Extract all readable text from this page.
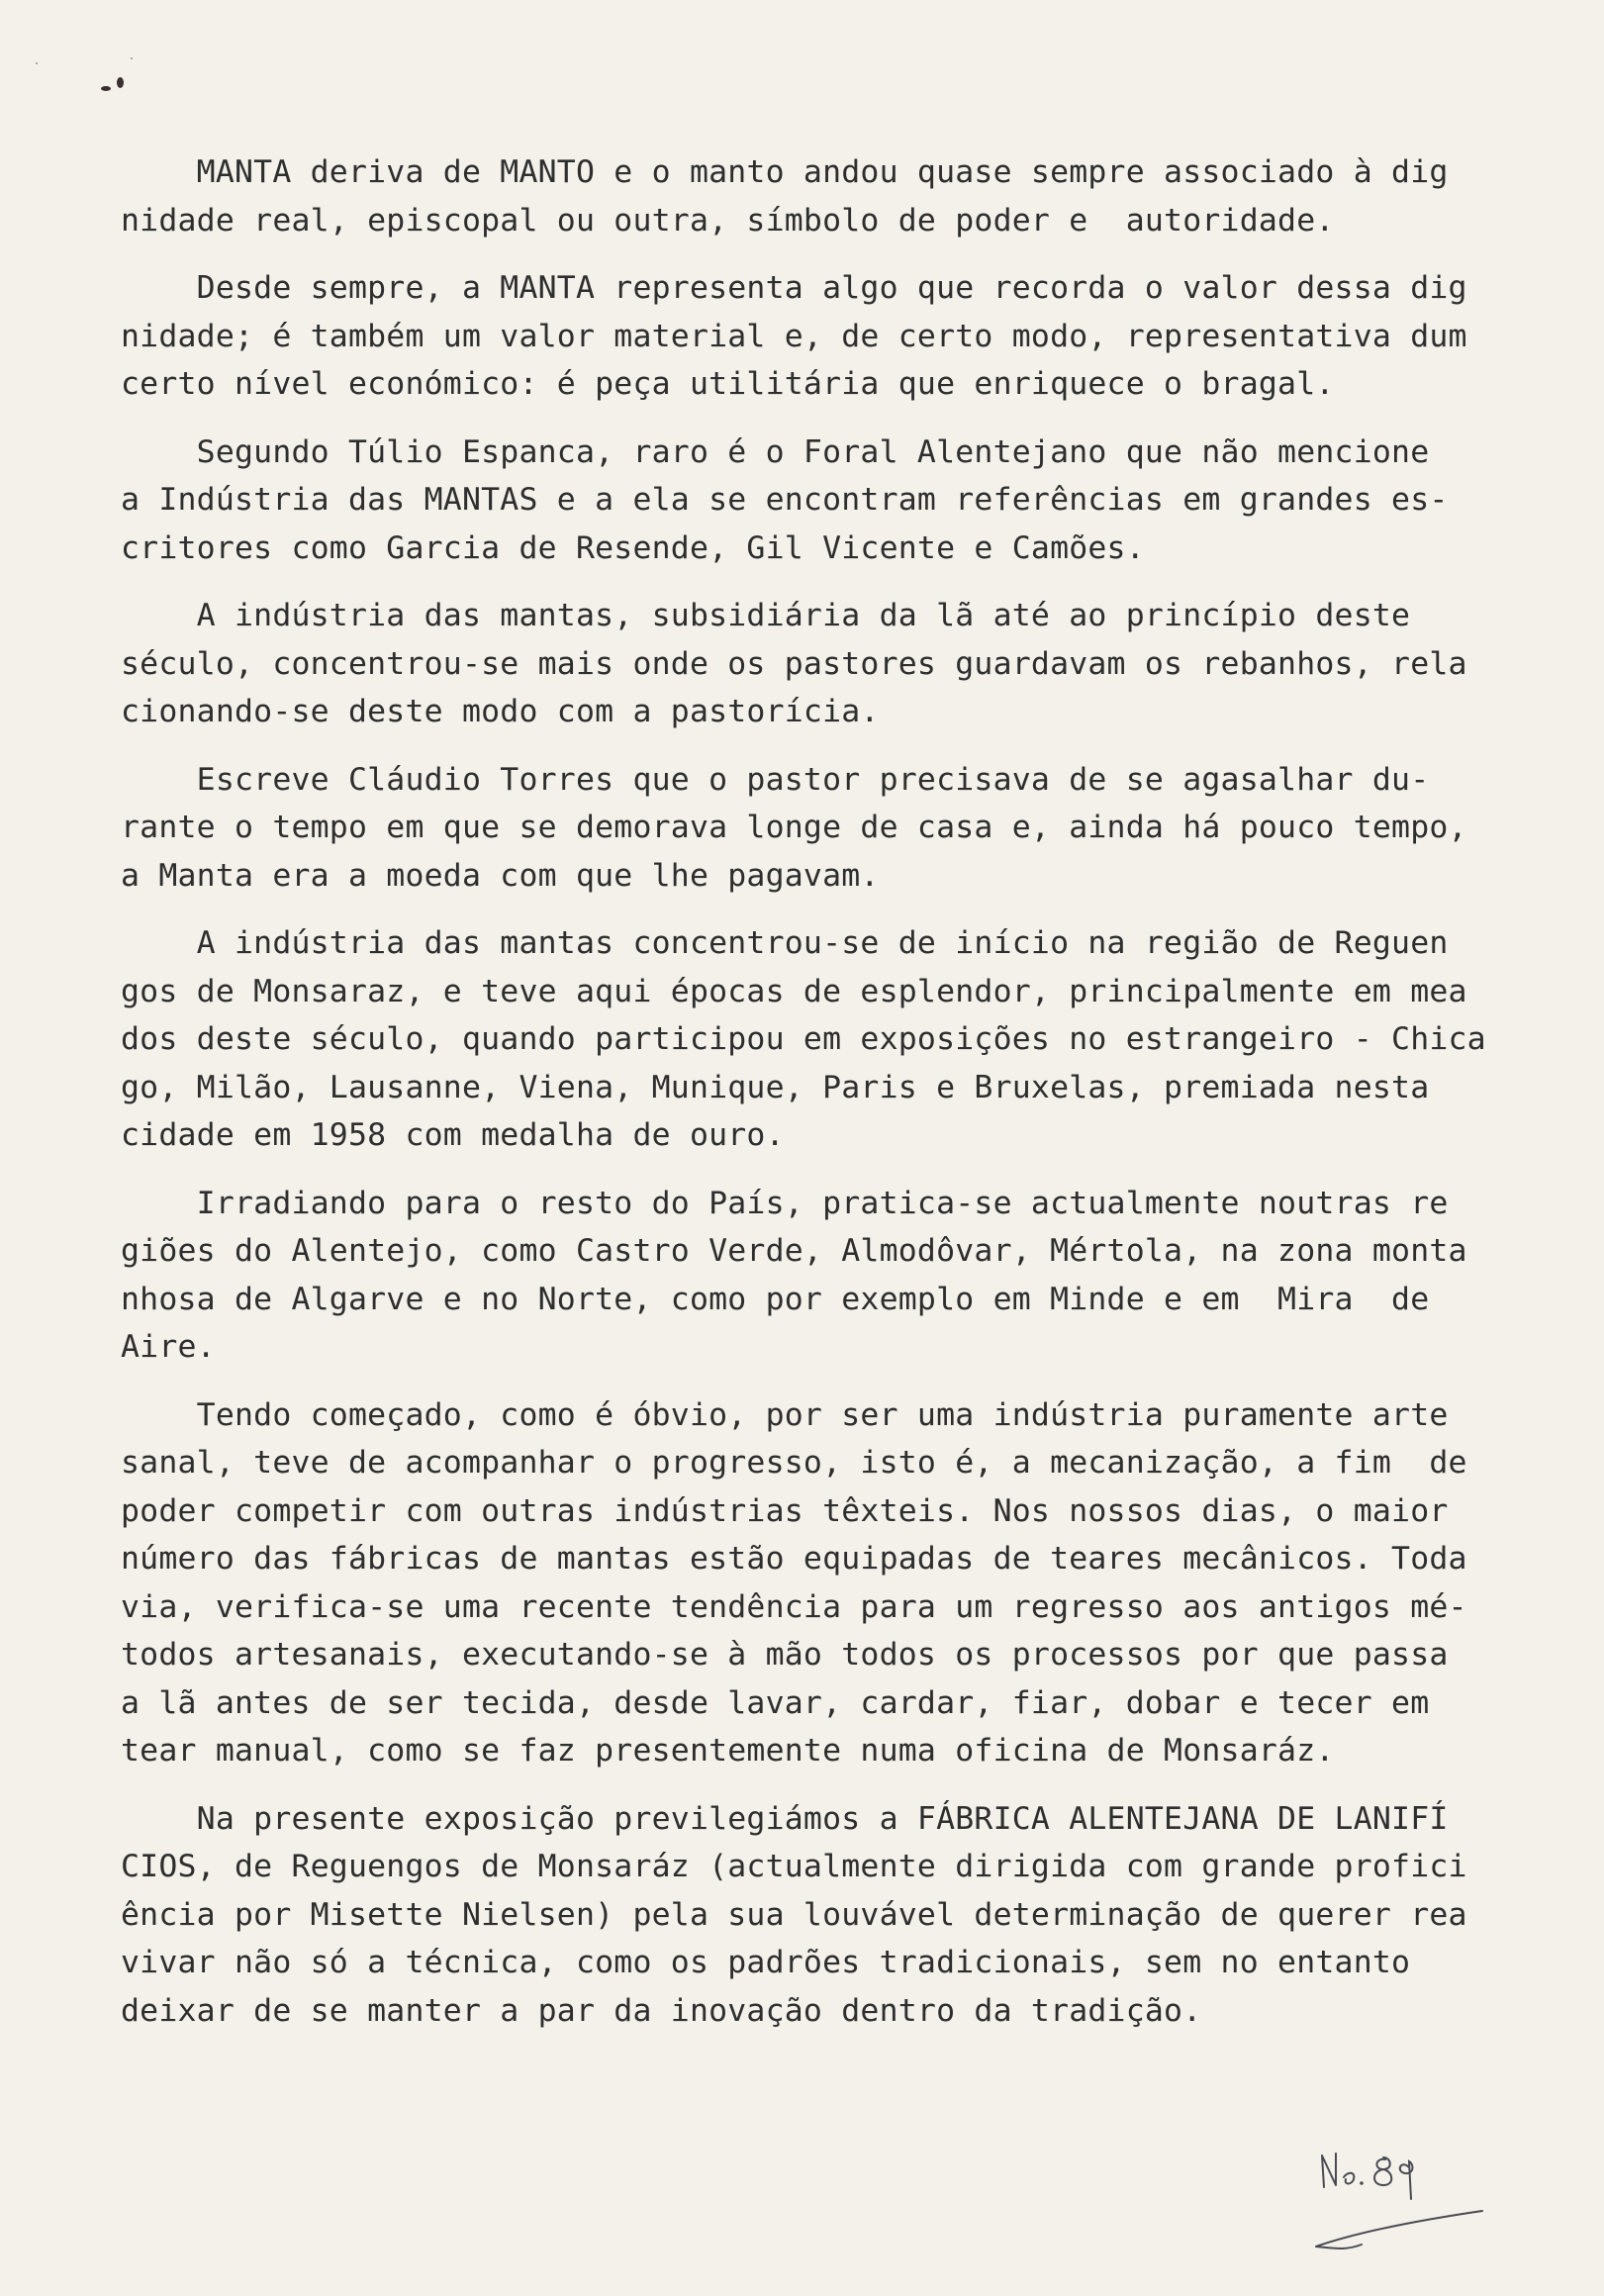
MANTA deriva de MANTO e o manto andou quase sempre associado à dig
nidade real, episcopal ou outra, símbolo de poder e  autoridade.
Desde sempre, a MANTA representa algo que recorda o valor dessa dig
nidade; é também um valor material e, de certo modo, representativa dum
certo nível económico: é peça utilitária que enriquece o bragal.
Segundo Túlio Espanca, raro é o Foral Alentejano que não mencione
a Indústria das MANTAS e a ela se encontram referências em grandes es-
critores como Garcia de Resende, Gil Vicente e Camões.
A indústria das mantas, subsidiária da lã até ao princípio deste
século, concentrou-se mais onde os pastores guardavam os rebanhos, rela
cionando-se deste modo com a pastorícia.
Escreve Cláudio Torres que o pastor precisava de se agasalhar du-
rante o tempo em que se demorava longe de casa e, ainda há pouco tempo,
a Manta era a moeda com que lhe pagavam.
A indústria das mantas concentrou-se de início na região de Reguen
gos de Monsaraz, e teve aqui épocas de esplendor, principalmente em mea
dos deste século, quando participou em exposições no estrangeiro - Chica
go, Milão, Lausanne, Viena, Munique, Paris e Bruxelas, premiada nesta
cidade em 1958 com medalha de ouro.
Irradiando para o resto do País, pratica-se actualmente noutras re
giões do Alentejo, como Castro Verde, Almodôvar, Mértola, na zona monta
nhosa de Algarve e no Norte, como por exemplo em Minde e em  Mira  de
Aire.
Tendo começado, como é óbvio, por ser uma indústria puramente arte
sanal, teve de acompanhar o progresso, isto é, a mecanização, a fim  de
poder competir com outras indústrias têxteis. Nos nossos dias, o maior
número das fábricas de mantas estão equipadas de teares mecânicos. Toda
via, verifica-se uma recente tendência para um regresso aos antigos mé-
todos artesanais, executando-se à mão todos os processos por que passa
a lã antes de ser tecida, desde lavar, cardar, fiar, dobar e tecer em
tear manual, como se faz presentemente numa oficina de Monsaráz.
Na presente exposição previlegiámos a FÁBRICA ALENTEJANA DE LANIFÍ
CIOS, de Reguengos de Monsaráz (actualmente dirigida com grande profici
ência por Misette Nielsen) pela sua louvável determinação de querer rea
vivar não só a técnica, como os padrões tradicionais, sem no entanto
deixar de se manter a par da inovação dentro da tradição.
